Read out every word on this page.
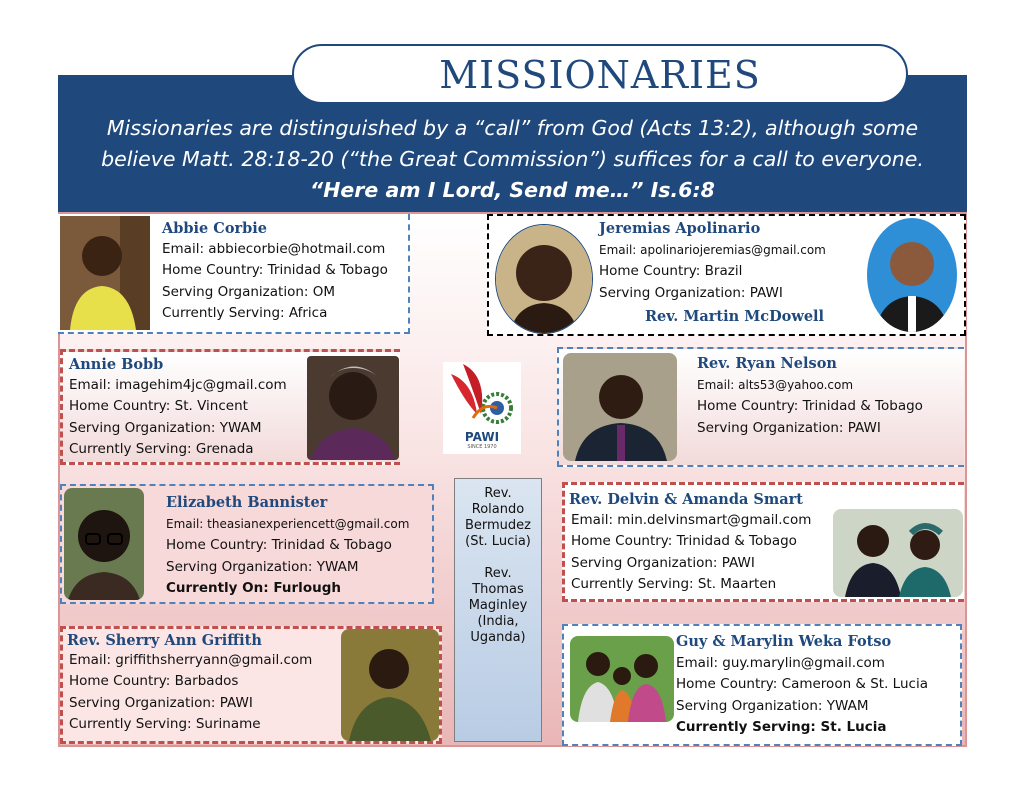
MISSIONARIES
Missionaries are distinguished by a “call” from God (Acts 13:2), although some believe Matt. 28:18-20 (“the Great Commission”) suffices for a call to everyone. “Here am I Lord, Send me…” Is.6:8
Abbie Corbie
Email: abbiecorbie@hotmail.com
Home Country: Trinidad & Tobago
Serving Organization: OM
Currently Serving: Africa
Jeremias Apolinario
Email: apolinariojeremias@gmail.com
Home Country: Brazil
Serving Organization: PAWI
Rev. Martin McDowell
Annie Bobb
Email: imagehim4jc@gmail.com
Home Country: St. Vincent
Serving Organization: YWAM
Currently Serving: Grenada
PAWI
SINCE 1970
Rev. Ryan Nelson
Email: alts53@yahoo.com
Home Country: Trinidad & Tobago
Serving Organization: PAWI
Elizabeth Bannister
Email: theasianexperiencett@gmail.com
Home Country: Trinidad & Tobago
Serving Organization: YWAM
Currently On: Furlough
Rev.
Rolando
Bermudez
(St. Lucia)
Rev.
Thomas
Maginley
(India,
Uganda)
Rev. Delvin & Amanda Smart
Email: min.delvinsmart@gmail.com
Home Country: Trinidad & Tobago
Serving Organization: PAWI
Currently Serving: St. Maarten
Rev. Sherry Ann Griffith
Email: griffithsherryann@gmail.com
Home Country: Barbados
Serving Organization: PAWI
Currently Serving: Suriname
Guy & Marylin Weka Fotso
Email: guy.marylin@gmail.com
Home Country: Cameroon & St. Lucia
Serving Organization: YWAM
Currently Serving: St. Lucia
